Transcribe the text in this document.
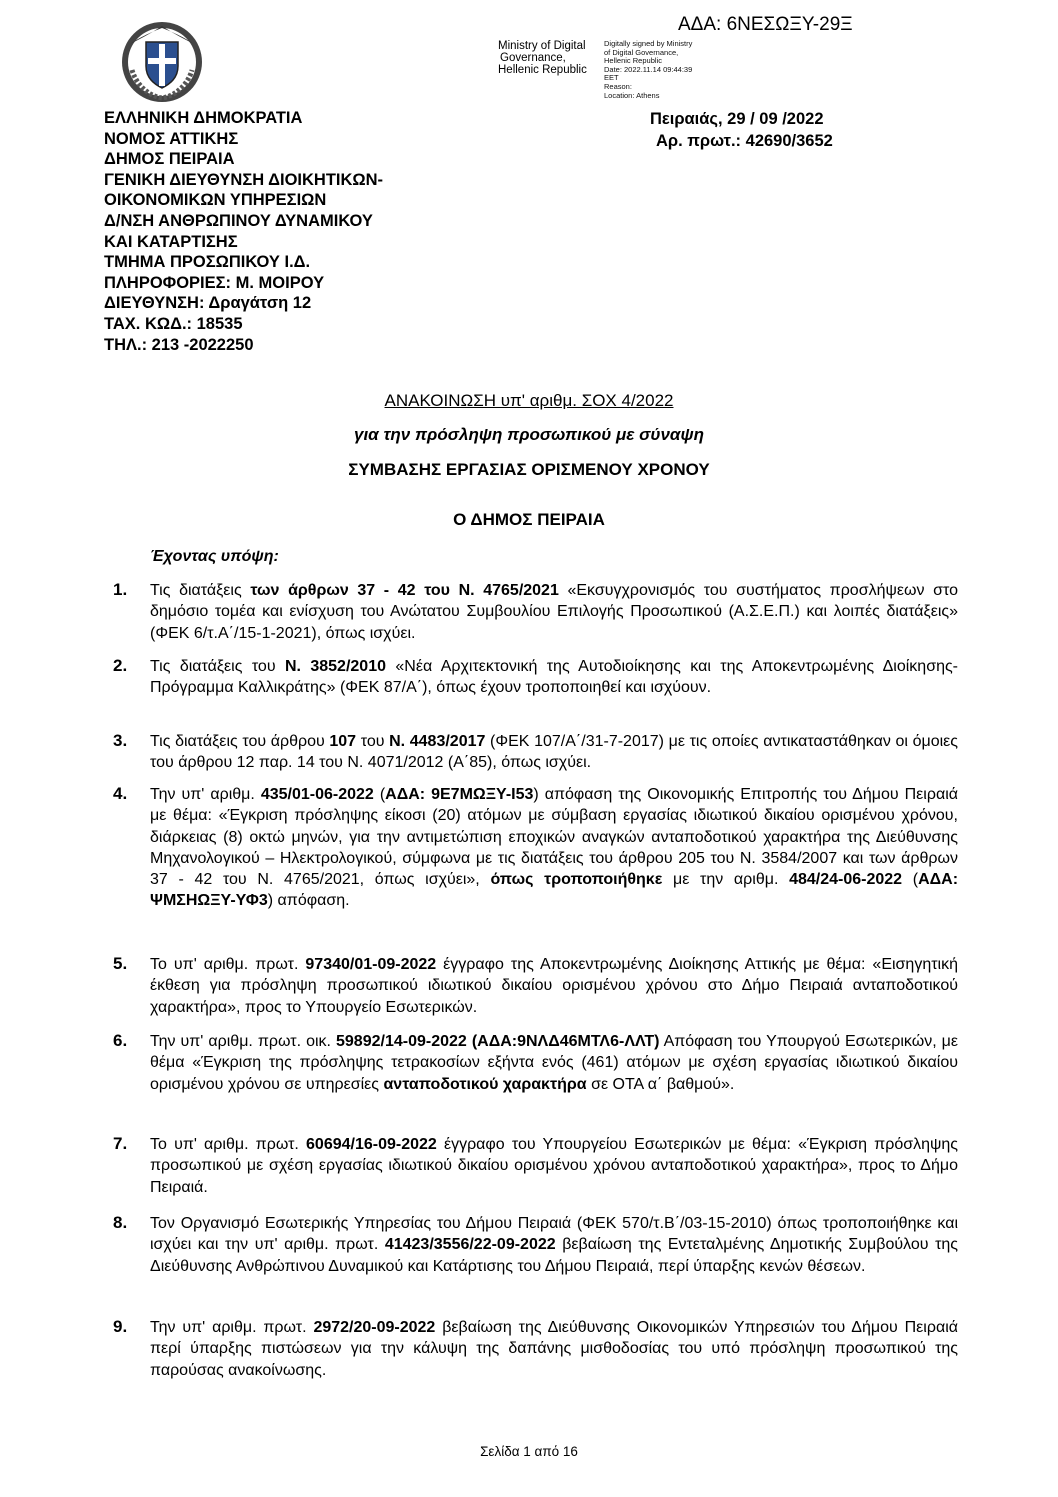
ΑΔΑ: 6ΝΕΣΩΞΥ-29Ξ
Ministry of Digital
Governance,
Hellenic Republic
Digitally signed by Ministry
of Digital Governance,
Hellenic Republic
Date: 2022.11.14 09:44:39
EET
Reason:
Location: Athens
ΕΛΛΗΝΙΚΗ ΔΗΜΟΚΡΑΤΙΑ
ΝΟΜΟΣ ΑΤΤΙΚΗΣ
ΔΗΜΟΣ ΠΕΙΡΑΙΑ
ΓΕΝΙΚΗ ΔΙΕΥΘΥΝΣΗ ΔΙΟΙΚΗΤΙΚΩΝ-
ΟΙΚΟΝΟΜΙΚΩΝ ΥΠΗΡΕΣΙΩΝ
Δ/ΝΣΗ ΑΝΘΡΩΠΙΝΟΥ ΔΥΝΑΜΙΚΟΥ
ΚΑΙ ΚΑΤΑΡΤΙΣΗΣ
ΤΜΗΜΑ ΠΡΟΣΩΠΙΚΟΥ Ι.Δ.
ΠΛΗΡΟΦΟΡΙΕΣ: Μ. ΜΟΙΡΟΥ
ΔΙΕΥΘΥΝΣΗ: Δραγάτση 12
ΤΑΧ. ΚΩΔ.: 18535
ΤΗΛ.: 213 -2022250
Πειραιάς, 29 / 09 /2022
Αρ. πρωτ.: 42690/3652
ΑΝΑΚΟΙΝΩΣΗ υπ' αριθμ. ΣΟΧ 4/2022
για την πρόσληψη προσωπικού με σύναψη
ΣΥΜΒΑΣΗΣ ΕΡΓΑΣΙΑΣ ΟΡΙΣΜΕΝΟΥ ΧΡΟΝΟΥ
Ο ΔΗΜΟΣ ΠΕΙΡΑΙΑ
Έχοντας υπόψη:
1. Τις διατάξεις των άρθρων 37 - 42 του Ν. 4765/2021 «Εκσυγχρονισμός του συστήματος προσλήψεων στο δημόσιο τομέα και ενίσχυση του Ανώτατου Συμβουλίου Επιλογής Προσωπικού (Α.Σ.Ε.Π.) και λοιπές διατάξεις» (ΦΕΚ 6/τ.Α΄/15-1-2021), όπως ισχύει.
2. Τις διατάξεις του Ν. 3852/2010 «Νέα Αρχιτεκτονική της Αυτοδιοίκησης και της Αποκεντρωμένης Διοίκησης- Πρόγραμμα Καλλικράτης» (ΦΕΚ 87/Α΄), όπως έχουν τροποποιηθεί και ισχύουν.
3. Τις διατάξεις του άρθρου 107 του Ν. 4483/2017 (ΦΕΚ 107/Α΄/31-7-2017) με τις οποίες αντικαταστάθηκαν οι όμοιες του άρθρου 12 παρ. 14 του Ν. 4071/2012 (Α΄85), όπως ισχύει.
4. Την υπ' αριθμ. 435/01-06-2022 (ΑΔΑ: 9Ε7ΜΩΞΥ-Ι53) απόφαση της Οικονομικής Επιτροπής του Δήμου Πειραιά με θέμα: «Έγκριση πρόσληψης είκοσι (20) ατόμων με σύμβαση εργασίας ιδιωτικού δικαίου ορισμένου χρόνου, διάρκειας (8) οκτώ μηνών, για την αντιμετώπιση εποχικών αναγκών ανταποδοτικού χαρακτήρα της Διεύθυνσης Μηχανολογικού – Ηλεκτρολογικού, σύμφωνα με τις διατάξεις του άρθρου 205 του Ν. 3584/2007 και των άρθρων 37 - 42 του Ν. 4765/2021, όπως ισχύει», όπως τροποποιήθηκε με την αριθμ. 484/24-06-2022 (ΑΔΑ: ΨΜΣΗΩΞΥ-ΥΦ3) απόφαση.
5. Το υπ' αριθμ. πρωτ. 97340/01-09-2022 έγγραφο της Αποκεντρωμένης Διοίκησης Αττικής με θέμα: «Εισηγητική έκθεση για πρόσληψη προσωπικού ιδιωτικού δικαίου ορισμένου χρόνου στο Δήμο Πειραιά ανταποδοτικού χαρακτήρα», προς το Υπουργείο Εσωτερικών.
6. Την υπ' αριθμ. πρωτ. οικ. 59892/14-09-2022 (ΑΔΑ:9ΝΛΔ46ΜΤΛ6-ΛΛΤ) Απόφαση του Υπουργού Εσωτερικών, με θέμα «Έγκριση της πρόσληψης τετρακοσίων εξήντα ενός (461) ατόμων με σχέση εργασίας ιδιωτικού δικαίου ορισμένου χρόνου σε υπηρεσίες ανταποδοτικού χαρακτήρα σε ΟΤΑ α΄ βαθμού».
7. Το υπ' αριθμ. πρωτ. 60694/16-09-2022 έγγραφο του Υπουργείου Εσωτερικών με θέμα: «Έγκριση πρόσληψης προσωπικού με σχέση εργασίας ιδιωτικού δικαίου ορισμένου χρόνου ανταποδοτικού χαρακτήρα», προς το Δήμο Πειραιά.
8. Τον Οργανισμό Εσωτερικής Υπηρεσίας του Δήμου Πειραιά (ΦΕΚ 570/τ.Β΄/03-15-2010) όπως τροποποιήθηκε και ισχύει και την υπ' αριθμ. πρωτ. 41423/3556/22-09-2022 βεβαίωση της Εντεταλμένης Δημοτικής Συμβούλου της Διεύθυνσης Ανθρώπινου Δυναμικού και Κατάρτισης του Δήμου Πειραιά, περί ύπαρξης κενών θέσεων.
9. Την υπ' αριθμ. πρωτ. 2972/20-09-2022 βεβαίωση της Διεύθυνσης Οικονομικών Υπηρεσιών του Δήμου Πειραιά περί ύπαρξης πιστώσεων για την κάλυψη της δαπάνης μισθοδοσίας του υπό πρόσληψη προσωπικού της παρούσας ανακοίνωσης.
Σελίδα 1 από 16
